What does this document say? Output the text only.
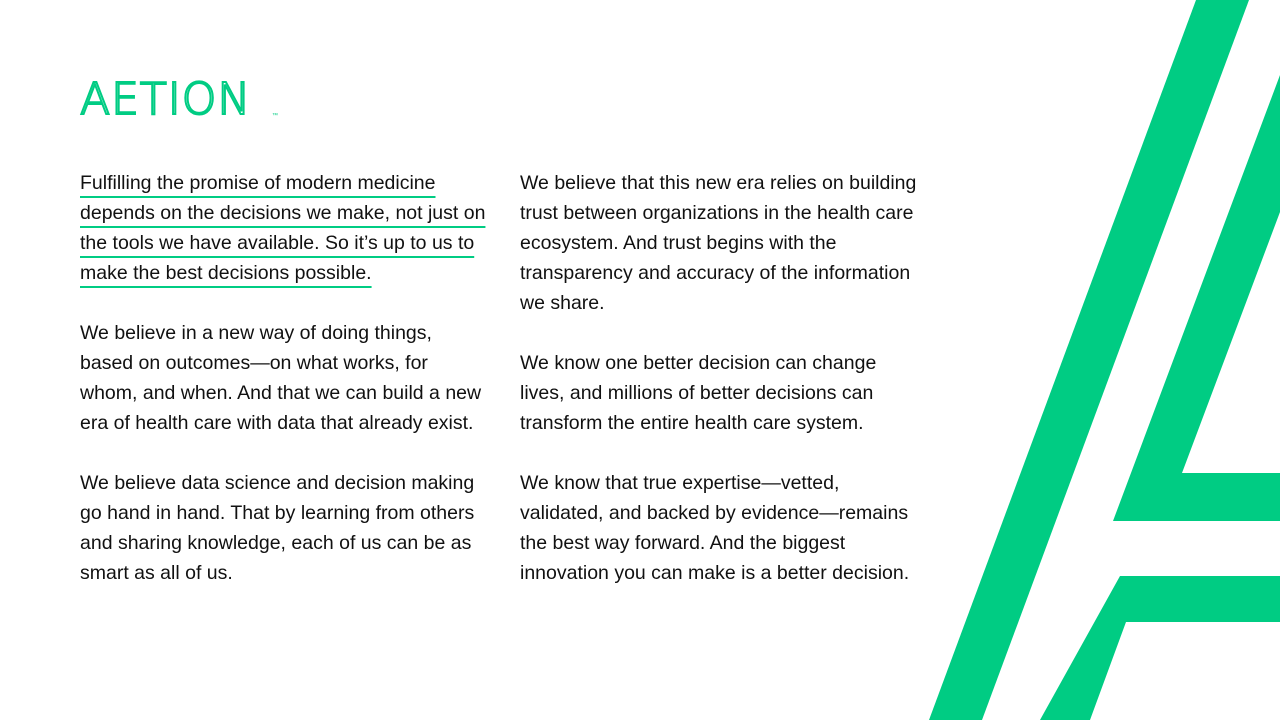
AETION	™

Fulfilling the promise of modern medicine depends on the decisions we make, not just on the tools we have available. So it’s up to us to make the best decisions possible.

We believe in a new way of doing things, based on outcomes—on what works, for whom, and when. And that we can build a new era of health care with data that already exist.

We believe data science and decision making go hand in hand. That by learning from others and sharing knowledge, each of us can be as smart as all of us.

We believe that this new era relies on building trust between organizations in the health care ecosystem. And trust begins with the transparency and accuracy of the information we share.

We know one better decision can change lives, and millions of better decisions can transform the entire health care system.

We know that true expertise—vetted, validated, and backed by evidence—remains the best way forward. And the biggest innovation you can make is a better decision.
